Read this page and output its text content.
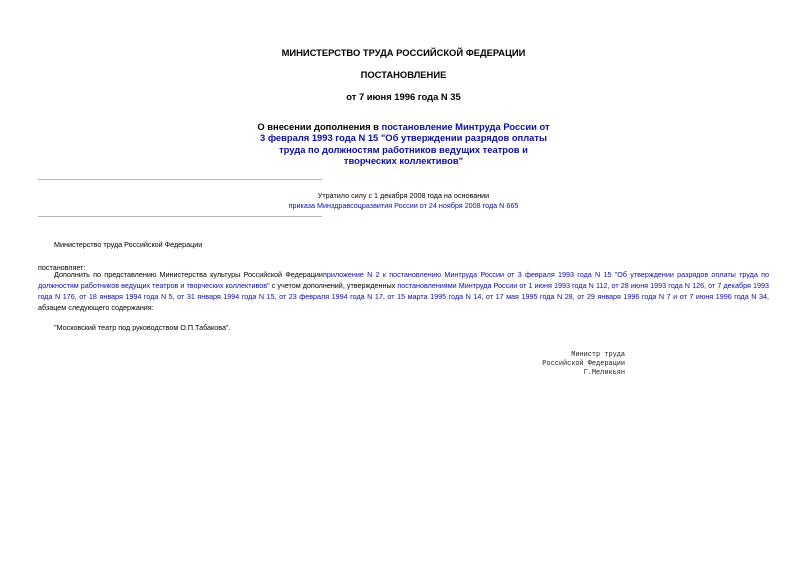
МИНИСТЕРСТВО ТРУДА РОССИЙСКОЙ ФЕДЕРАЦИИ
ПОСТАНОВЛЕНИЕ
от 7 июня 1996 года N 35
О внесении дополнения в постановление Минтруда России от 3 февраля 1993 года N 15 "Об утверждении разрядов оплаты труда по должностям работников ведущих театров и творческих коллективов"
Утратило силу с 1 декабря 2008 года на основании
приказа Минздравсоцразвития России от 24 ноября 2008 года N 665
Министерство труда Российской Федерации
постановляет:
Дополнить по представлению Министерства культуры Российской Федерацииприложение N 2 к постановлению Минтруда России от 3 февраля 1993 года N 15 "Об утверждении разрядов оплаты труда по должностям работников ведущих театров и творческих коллективов" с учетом дополнений, утвержденных постановлениями Минтруда России от 1 июня 1993 года N 112, от 28 июня 1993 года N 126, от 7 декабря 1993 года N 176, от 18 января 1994 года N 5, от 31 января 1994 года N 15, от 23 февраля 1994 года N 17, от 15 марта 1995 года N 14, от 17 мая 1995 года N 28, от 29 января 1996 года N 7 и от 7 июня 1996 года N 34, абзацем следующего содержания:
"Московский театр под руководством О.П.Табакова".
Министр труда
Российской Федерации
Г.Меликьян
